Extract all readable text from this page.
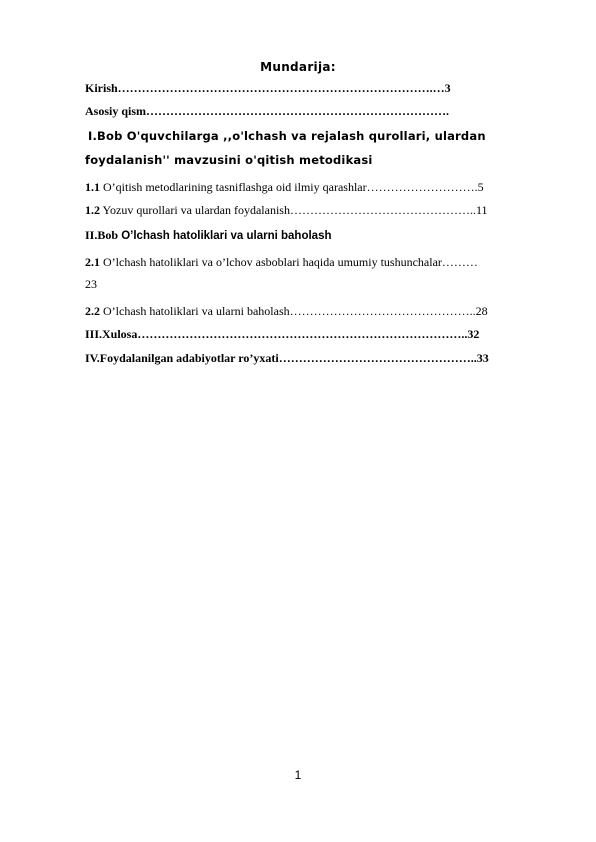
Mundarija:
Kirish…………………………………………………………………….…3
Asosiy qism………………………………………………………………….
I.Bob O'quvchilarga ,,o'lchash va rejalash qurollari, ulardan
foydalanish'' mavzusini o'qitish metodikasi
1.1 O’qitish metodlarining tasniflashga oid ilmiy qarashlar……………………….5
1.2 Yozuv qurollari va ulardan foydalanish………………………………………..11
II.Bob O’lchash hatoliklari va ularni baholash
2.1 O’lchash hatoliklari va o’lchov asboblari haqida umumiy tushunchalar………
23
2.2 O’lchash hatoliklari va ularni baholash………………………………………..28
III.Xulosa………………………………………………………………………..32
IV.Foydalanilgan adabiyotlar ro’yxati…………………………………………..33
1
